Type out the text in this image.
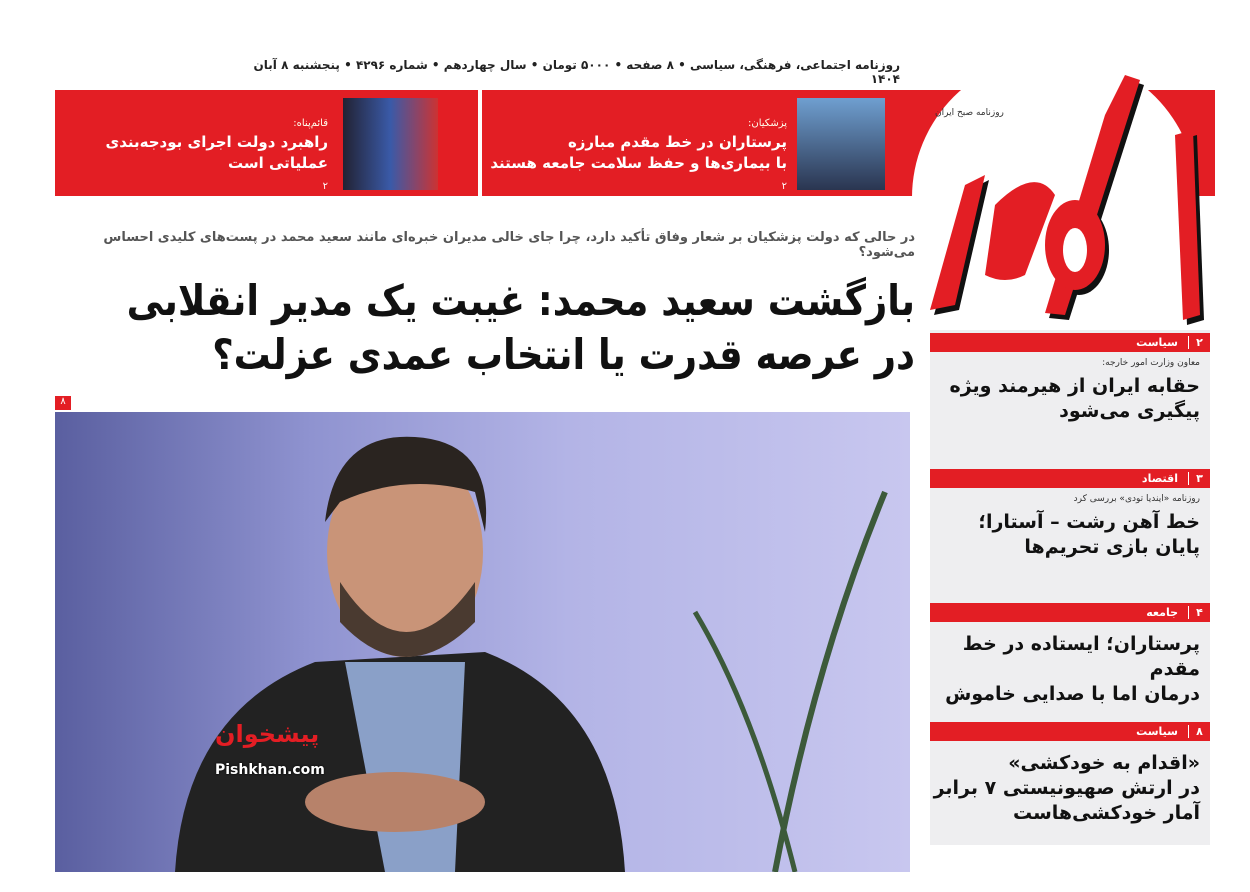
روزنامه اجتماعی، فرهنگی، سیاسی • ۸ صفحه • ۵۰۰۰ تومان • سال چهاردهم • شماره ۴۲۹۶ • پنجشنبه ۸ آبان ۱۴۰۴
پزشکیان:
پرستاران در خط مقدم مبارزه
با بیماری‌ها و حفظ سلامت جامعه هستند
۲
قائم‌پناه:
راهبرد دولت اجرای بودجه‌بندی
عملیاتی است
۲
روزنامه صبح ایران
در حالی که دولت پزشکیان بر شعار وفاق تأکید دارد، چرا جای خالی مدیران خبره‌ای مانند سعید محمد در پست‌های کلیدی احساس می‌شود؟
بازگشت سعید محمد: غیبت یک مدیر انقلابی
در عرصه قدرت یا انتخاب عمدی عزلت؟
۸
پیشخوان
Pishkhan.com
۲
سیاست
معاون وزارت امور خارجه:
حقابه ایران از هیرمند ویژه
پیگیری می‌شود
۳
اقتصاد
روزنامه «ایندیا تودی» بررسی کرد
خط آهن رشت – آستارا؛
پایان بازی تحریم‌ها
۴
جامعه
پرستاران؛ ایستاده در خط مقدم
درمان اما با صدایی خاموش
۸
سیاست
«اقدام به خودکشی»
در ارتش صهیونیستی ۷ برابر
آمار خودکشی‌هاست
